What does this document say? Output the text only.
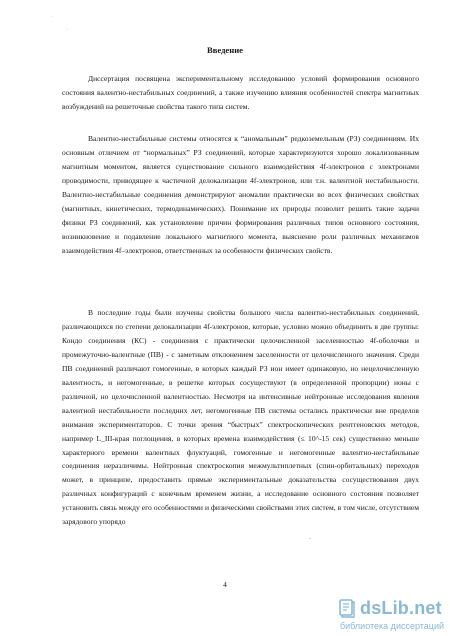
·
·
-
Введение

Диссертация посвящена экспериментальному исследованию условий формирования основного состояния валентно-нестабильных соединений, а также изучению влияния особенностей спектра магнитных возбуждений на решеточные свойства такого типа систем.

Валентно-нестабильные системы относятся к “аномальным” редкоземельным (РЗ) соединениям. Их основным отличием от “нормальных” РЗ соединений, которые характеризуются хорошо локализованным магнитным моментом, является существование сильного взаимодействия 4f-электронов с электронами проводимости, приводящее к частичной делокализации 4f-электронов, или т.н. валентной нестабильности. Валентно-нестабильные соединения демонстрируют аномалии практически во всех физических свойствах (магнитных, кинетических, термодинамических). Понимание их природы позволит решить такие задачи физики РЗ соединений, как установление причин формирования различных типов основного состояния, возникновение и подавление локального магнитного момента, выяснение роли различных механизмов взаимодействия 4f–электронов, ответственных за особенности физических свойств.

В последние годы были изучены свойства большого числа валентно-нестабильных соединений, различающихся по степени делокализации 4f-электронов, которые, условно можно объединить в две группы: Кондо соединения (КС) - соединения с практически целочисленной заселенностью 4f-оболочки и промежуточно-валентные (ПВ) - с заметным отклонением заселенности от целочисленного значения. Среди ПВ соединений различают гомогенные, в которых каждый РЗ ион имеет одинаковую, но нецелочисленную валентность, и негомогенные, в решетке которых сосуществуют (в определенной пропорции) ионы с различной, но целочисленной валентностью. Несмотря на интенсивные нейтронные исследования явления валентной нестабильности последних лет, негомогенные ПВ системы остались практически вне пределов внимания экспериментаторов. С точки зрения “быстрых” спектроскопических рентгеновских методов, например L_III-края поглощения, в которых времена взаимодействия (≤ 10^-15 сек) существенно меньше характерного времени валентных флуктуаций, гомогенные и негомогенные валентно-нестабильные соединения неразличимы. Нейтронная спектроскопия межмультиплетных (спин-орбитальных) переходов может, в принципе, предоставить прямые экспериментальные доказательства сосуществования двух различных конфигураций с конечным временем жизни, а исследование основного состояния позволяет установить связь между его особенностями и физическими свойствами этих систем, в том числе, отсутствием зарядового упорядо

4
dsLib.net
библиотека диссертаций
